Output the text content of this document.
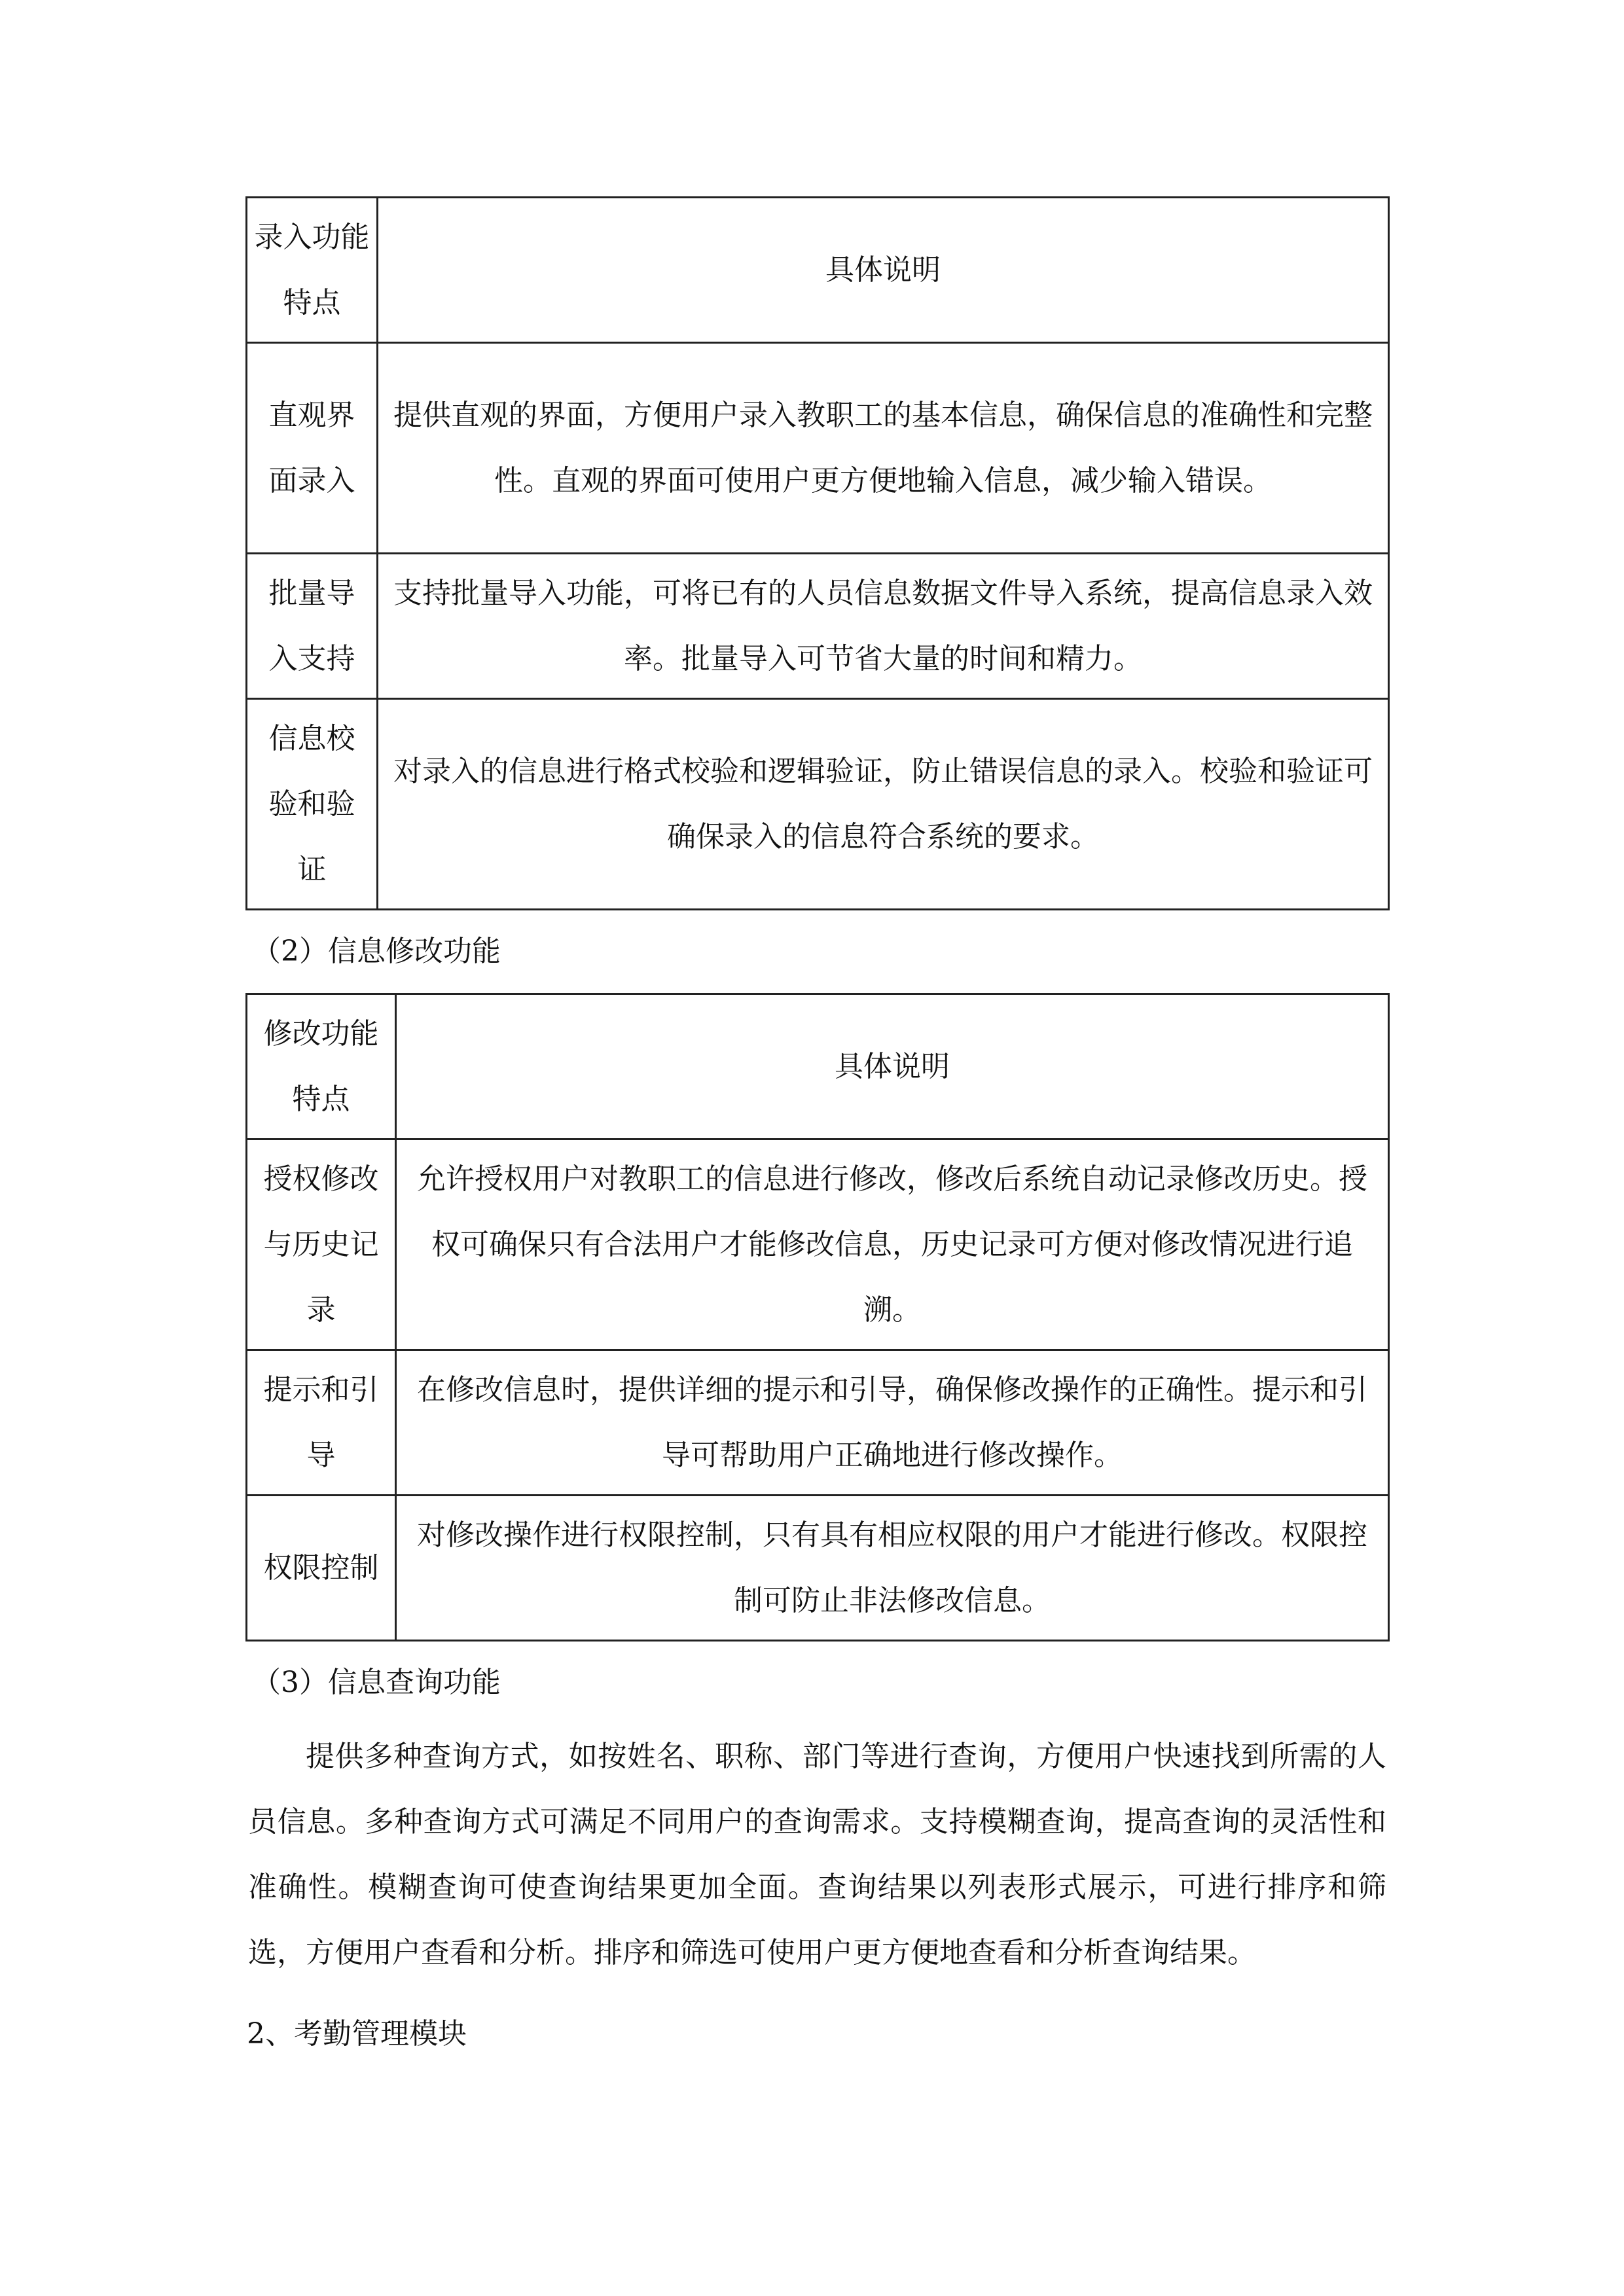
录入功能特点	具体说明
直观界面录入	提供直观的界面，方便用户录入教职工的基本信息，确保信息的准确性和完整性。直观的界面可使用户更方便地输入信息，减少输入错误。
批量导入支持	支持批量导入功能，可将已有的人员信息数据文件导入系统，提高信息录入效率。批量导入可节省大量的时间和精力。
信息校验和验证	对录入的信息进行格式校验和逻辑验证，防止错误信息的录入。校验和验证可确保录入的信息符合系统的要求。
（2）信息修改功能
修改功能特点	具体说明
授权修改与历史记录	允许授权用户对教职工的信息进行修改，修改后系统自动记录修改历史。授权可确保只有合法用户才能修改信息，历史记录可方便对修改情况进行追溯。
提示和引导	在修改信息时，提供详细的提示和引导，确保修改操作的正确性。提示和引导可帮助用户正确地进行修改操作。
权限控制	对修改操作进行权限控制，只有具有相应权限的用户才能进行修改。权限控制可防止非法修改信息。
（3）信息查询功能

提供多种查询方式，如按姓名、职称、部门等进行查询，方便用户快速找到所需的人员信息。多种查询方式可满足不同用户的查询需求。支持模糊查询，提高查询的灵活性和准确性。模糊查询可使查询结果更加全面。查询结果以列表形式展示，可进行排序和筛选，方便用户查看和分析。排序和筛选可使用户更方便地查看和分析查询结果。

2、考勤管理模块
